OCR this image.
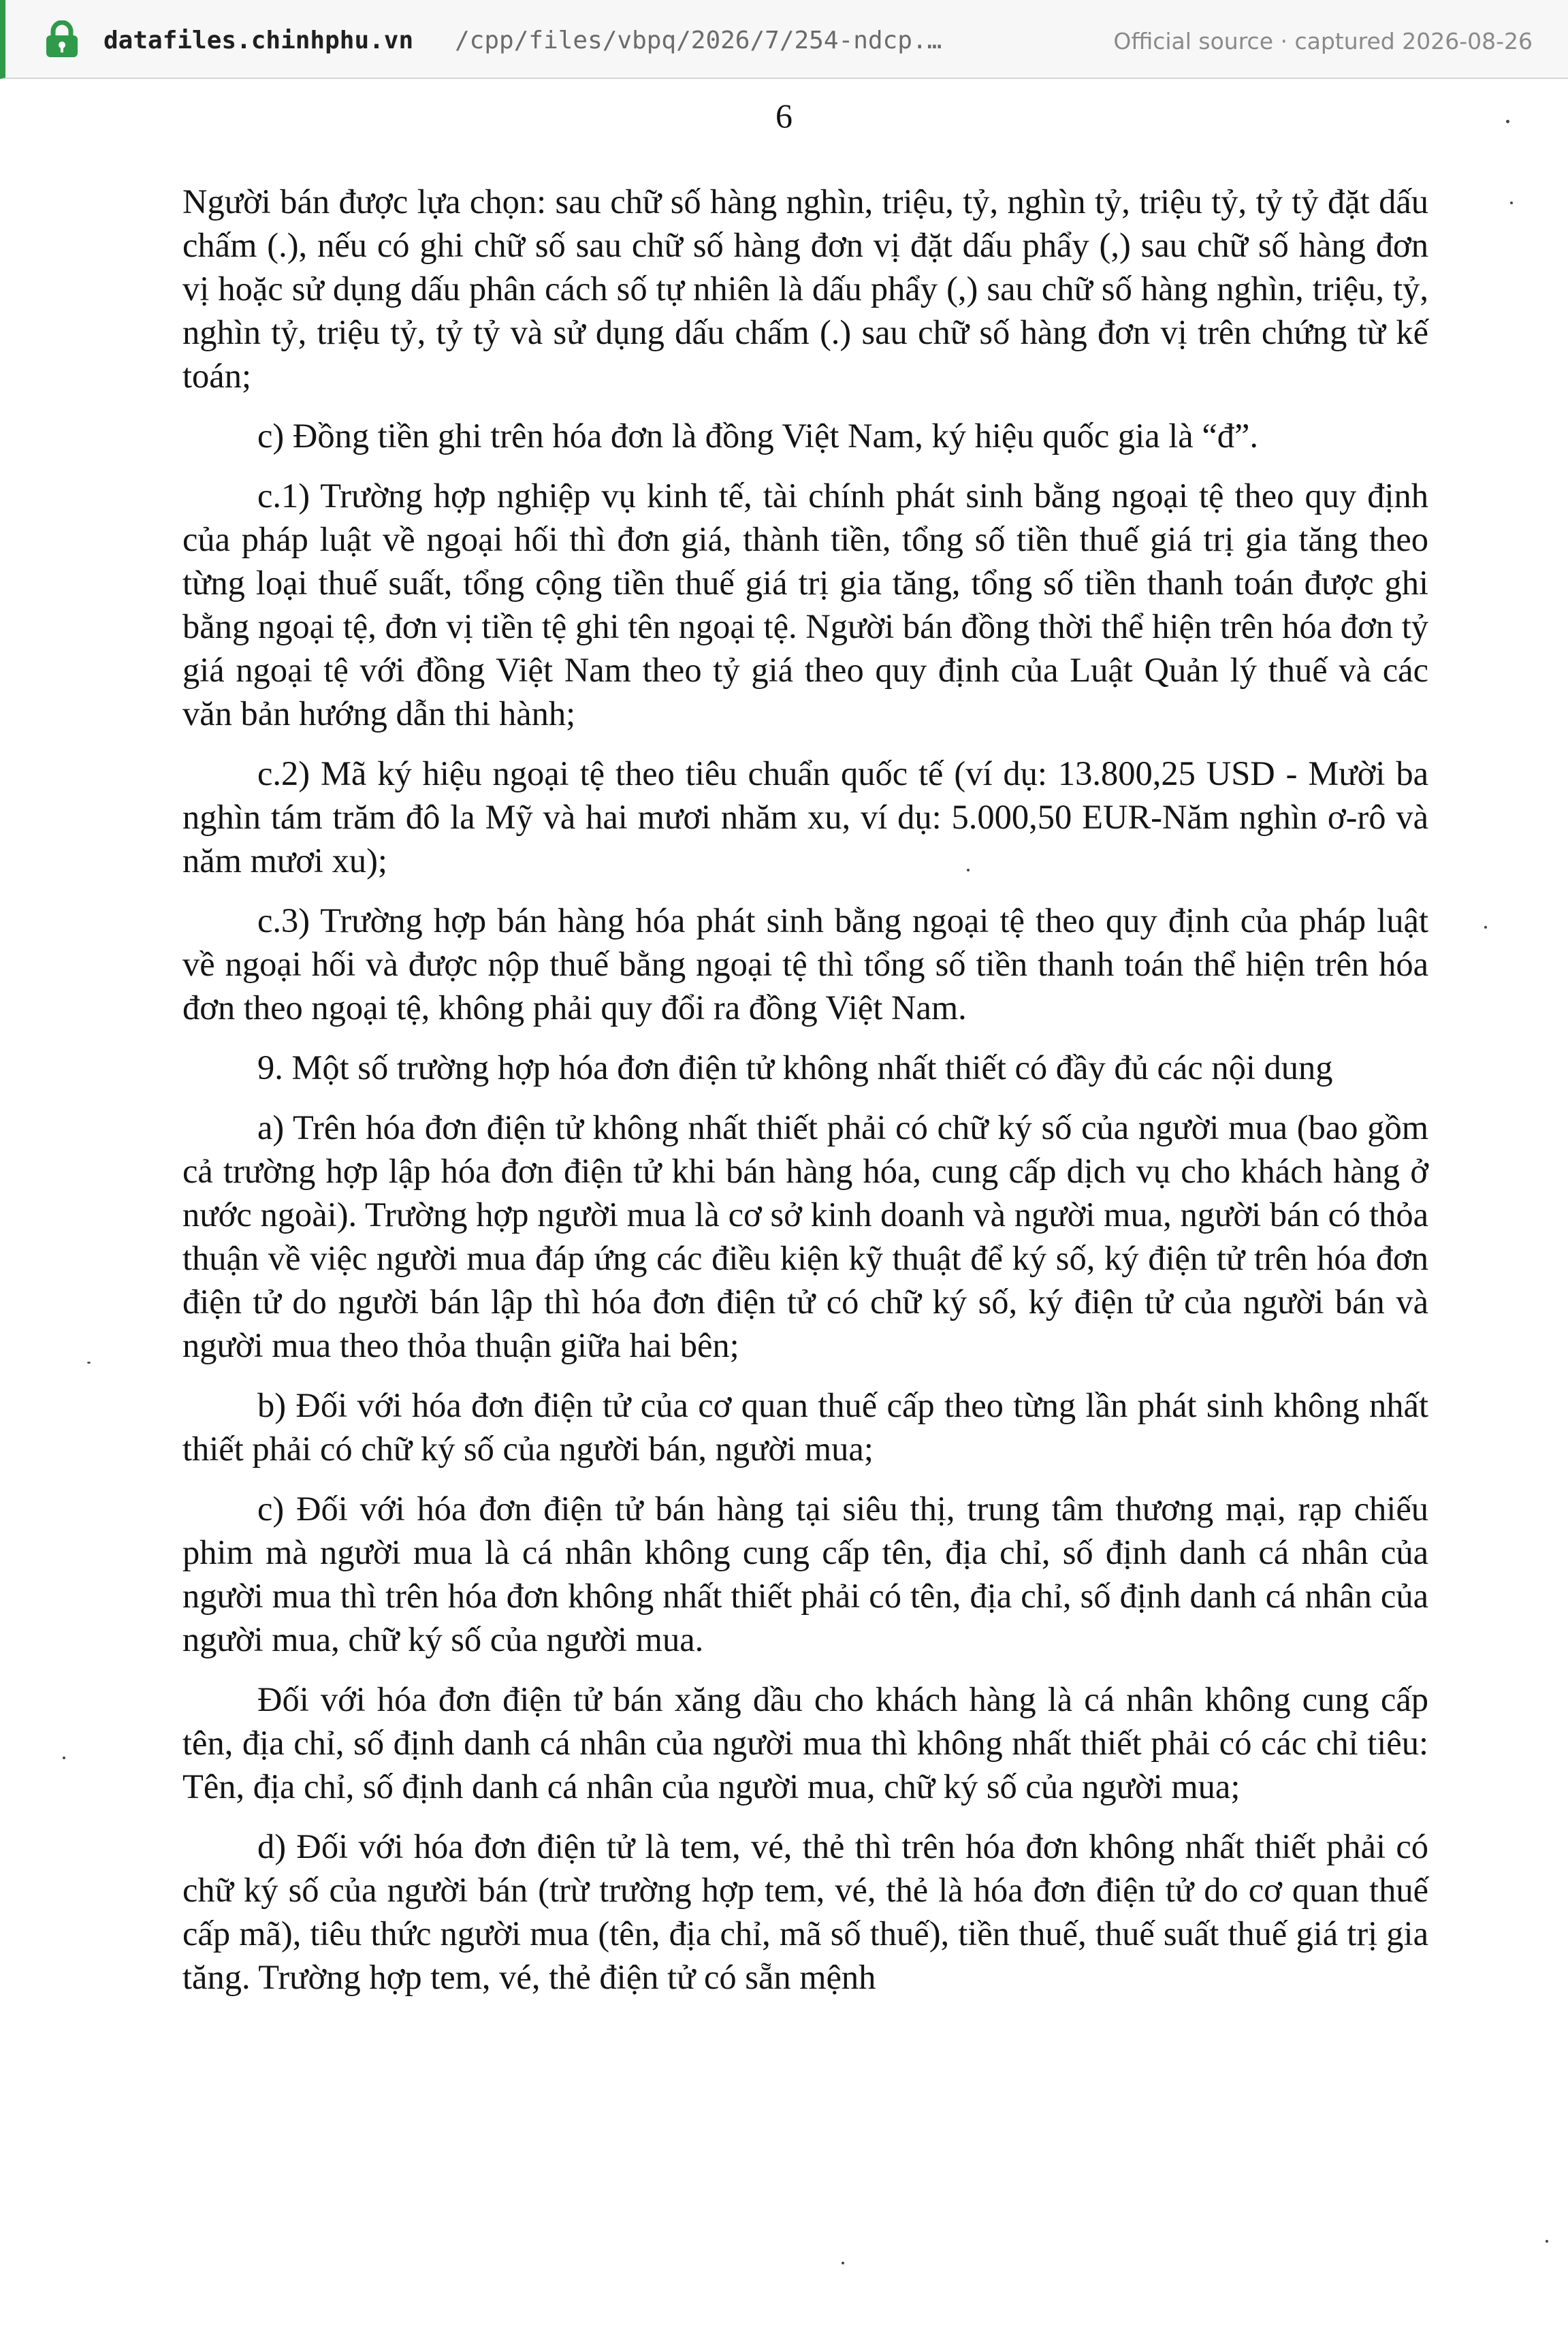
datafiles.chinhphu.vn /cpp/files/vbpq/2026/7/254-ndcp.…	Official source · captured 2026-08-26
6

Người bán được lựa chọn: sau chữ số hàng nghìn, triệu, tỷ, nghìn tỷ, triệu tỷ, tỷ tỷ đặt dấu chấm (.), nếu có ghi chữ số sau chữ số hàng đơn vị đặt dấu phẩy (,) sau chữ số hàng đơn vị hoặc sử dụng dấu phân cách số tự nhiên là dấu phẩy (,) sau chữ số hàng nghìn, triệu, tỷ, nghìn tỷ, triệu tỷ, tỷ tỷ và sử dụng dấu chấm (.) sau chữ số hàng đơn vị trên chứng từ kế toán;

c) Đồng tiền ghi trên hóa đơn là đồng Việt Nam, ký hiệu quốc gia là “đ”.

c.1) Trường hợp nghiệp vụ kinh tế, tài chính phát sinh bằng ngoại tệ theo quy định của pháp luật về ngoại hối thì đơn giá, thành tiền, tổng số tiền thuế giá trị gia tăng theo từng loại thuế suất, tổng cộng tiền thuế giá trị gia tăng, tổng số tiền thanh toán được ghi bằng ngoại tệ, đơn vị tiền tệ ghi tên ngoại tệ. Người bán đồng thời thể hiện trên hóa đơn tỷ giá ngoại tệ với đồng Việt Nam theo tỷ giá theo quy định của Luật Quản lý thuế và các văn bản hướng dẫn thi hành;

c.2) Mã ký hiệu ngoại tệ theo tiêu chuẩn quốc tế (ví dụ: 13.800,25 USD - Mười ba nghìn tám trăm đô la Mỹ và hai mươi nhăm xu, ví dụ: 5.000,50 EUR-Năm nghìn ơ-rô và năm mươi xu);

c.3) Trường hợp bán hàng hóa phát sinh bằng ngoại tệ theo quy định của pháp luật về ngoại hối và được nộp thuế bằng ngoại tệ thì tổng số tiền thanh toán thể hiện trên hóa đơn theo ngoại tệ, không phải quy đổi ra đồng Việt Nam.

9. Một số trường hợp hóa đơn điện tử không nhất thiết có đầy đủ các nội dung

a) Trên hóa đơn điện tử không nhất thiết phải có chữ ký số của người mua (bao gồm cả trường hợp lập hóa đơn điện tử khi bán hàng hóa, cung cấp dịch vụ cho khách hàng ở nước ngoài). Trường hợp người mua là cơ sở kinh doanh và người mua, người bán có thỏa thuận về việc người mua đáp ứng các điều kiện kỹ thuật để ký số, ký điện tử trên hóa đơn điện tử do người bán lập thì hóa đơn điện tử có chữ ký số, ký điện tử của người bán và người mua theo thỏa thuận giữa hai bên;

b) Đối với hóa đơn điện tử của cơ quan thuế cấp theo từng lần phát sinh không nhất thiết phải có chữ ký số của người bán, người mua;

c) Đối với hóa đơn điện tử bán hàng tại siêu thị, trung tâm thương mại, rạp chiếu phim mà người mua là cá nhân không cung cấp tên, địa chỉ, số định danh cá nhân của người mua thì trên hóa đơn không nhất thiết phải có tên, địa chỉ, số định danh cá nhân của người mua, chữ ký số của người mua.

Đối với hóa đơn điện tử bán xăng dầu cho khách hàng là cá nhân không cung cấp tên, địa chỉ, số định danh cá nhân của người mua thì không nhất thiết phải có các chỉ tiêu: Tên, địa chỉ, số định danh cá nhân của người mua, chữ ký số của người mua;

d) Đối với hóa đơn điện tử là tem, vé, thẻ thì trên hóa đơn không nhất thiết phải có chữ ký số của người bán (trừ trường hợp tem, vé, thẻ là hóa đơn điện tử do cơ quan thuế cấp mã), tiêu thức người mua (tên, địa chỉ, mã số thuế), tiền thuế, thuế suất thuế giá trị gia tăng. Trường hợp tem, vé, thẻ điện tử có sẵn mệnh
